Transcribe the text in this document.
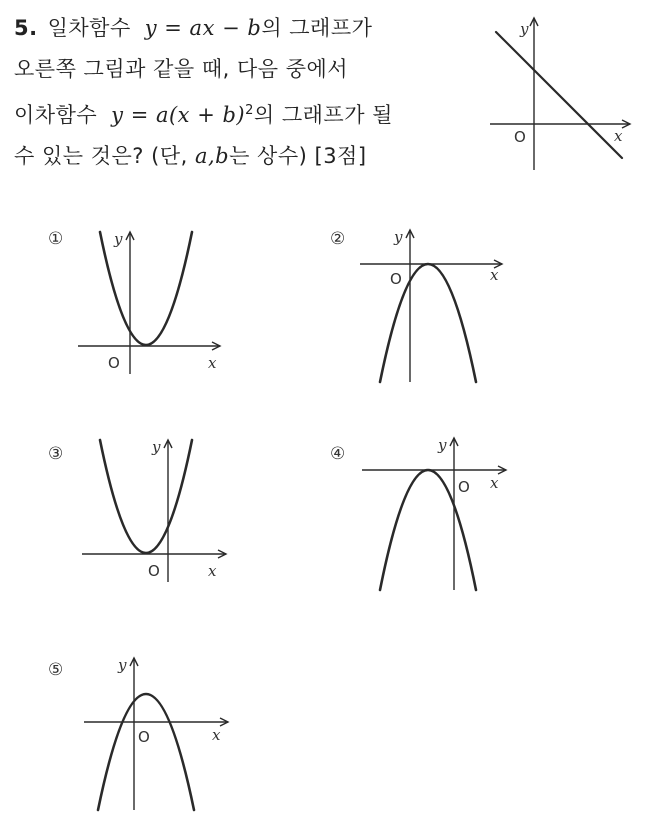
5. 일차함수 y = ax − b의 그래프가
오른쪽 그림과 같을 때, 다음 중에서
이차함수 $y = a(x + b)^2$의 그래프가 될
수 있는 것은? (단, a,b는 상수) [3점]
y
x
O
①	y
x
O
②	y
x
O
③	y
x
O
④	y
x
O
⑤	y
x
O
